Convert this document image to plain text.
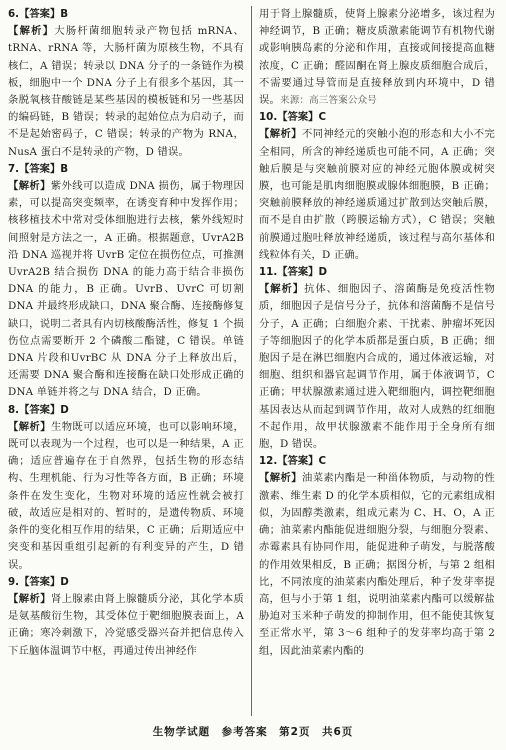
6.【答案】B

【解析】大肠杆菌细胞转录产物包括 mRNA、tRNA、rRNA 等，大肠杆菌为原核生物，不具有核仁，A 错误；转录以 DNA 分子的一条链作为模板，细胞中一个 DNA 分子上有很多个基因，其一条脱氧核苷酸链是某些基因的模板链和另一些基因的编码链，B 错误；转录的起始位点为启动子，而不是起始密码子，C 错误；转录的产物为 RNA，NusA 蛋白不是转录的产物，D 错误。

7.【答案】B

【解析】紫外线可以造成 DNA 损伤，属于物理因素，可以提高突变频率，在诱变育种中发挥作用；核移植技术中常对受体细胞进行去核，紫外线短时间照射是方法之一，A 正确。根据题意，UvrA2B沿 DNA 巡视并将 UvrB 定位在损伤位点，可推测 UvrA2B 结合损伤 DNA 的能力高于结合非损伤 DNA 的能力，B 正确。UvrB、UvrC 可切割DNA 并最终形成缺口，DNA 聚合酶、连接酶修复缺口，说明二者具有内切核酸酶活性，修复 1 个损伤位点需要断开 2 个磷酸二酯键，C 错误。单链 DNA 片段和UvrBC 从 DNA 分子上释放出后，还需要 DNA 聚合酶和连接酶在缺口处形成正确的 DNA 单链并将之与 DNA 结合，D 正确。

8.【答案】D

【解析】生物既可以适应环境，也可以影响环境，既可以表现为一个过程，也可以是一种结果，A 正确；适应普遍存在于自然界，包括生物的形态结构、生理机能、行为习性等各方面，B 正确；环境条件在发生变化，生物对环境的适应性就会被打破，故适应是相对的、暂时的，是遗传物质、环境条件的变化相互作用的结果，C 正确；后期适应中突变和基因重组引起新的有利变异的产生，D 错误。

9.【答案】D

【解析】肾上腺素由肾上腺髓质分泌，其化学本质是氨基酸衍生物，其受体位于靶细胞膜表面上，A 正确；寒冷刺激下，冷觉感受器兴奋并把信息传入下丘脑体温调节中枢，再通过传出神经作

用于肾上腺髓质，使肾上腺素分泌增多，该过程为神经调节，B 正确；糖皮质激素能调节有机物代谢或影响胰岛素的分泌和作用，直接或间接提高血糖浓度，C 正确；醛固酮在肾上腺皮质细胞合成后，不需要通过导管而是直接释放到内环境中，D 错误。来源：高三答案公众号

10.【答案】C

【解析】不同神经元的突触小泡的形态和大小不完全相同，所含的神经递质也可能不同，A 正确；突触后膜是与突触前膜对应的神经元胞体膜或树突膜，也可能是肌肉细胞膜或腺体细胞膜，B 正确；突触前膜释放的神经递质通过扩散到达突触后膜，而不是自由扩散（跨膜运输方式），C 错误；突触前膜通过胞吐释放神经递质，该过程与高尔基体和线粒体有关，D 正确。

11.【答案】D

【解析】抗体、细胞因子、溶菌酶是免疫活性物质，细胞因子是信号分子，抗体和溶菌酶不是信号分子，A 正确；白细胞介素、干扰素、肿瘤坏死因子等细胞因子的化学本质都是蛋白质，B 正确；细胞因子是在淋巴细胞内合成的，通过体液运输，对细胞、组织和器官起调节作用，属于体液调节，C 正确；甲状腺激素通过进入靶细胞内，调控靶细胞基因表达从而起到调节作用，故对人成熟的红细胞不起作用，故甲状腺激素不能作用于全身所有细胞，D 错误。

12.【答案】C

【解析】油菜素内酯是一种甾体物质，与动物的性激素、维生素 D 的化学本质相似，它的元素组成相似，为固醇类激素，组成元素为 C、H、O，A 正确；油菜素内酯能促进细胞分裂，与细胞分裂素、赤霉素具有协同作用，能促进种子萌发，与脱落酸的作用效果相反，B 正确；据图分析，与第 2 组相比，不同浓度的油菜素内酯处理后，种子发芽率提高，但与小于第 1 组，说明油菜素内酯可以缓解盐胁迫对玉米种子萌发的抑制作用，但不能使其恢复至正常水平，第 3～6 组种子的发芽率均高于第 2 组，因此油菜素内酯的

生物学试题　参考答案　第2页　共6页
